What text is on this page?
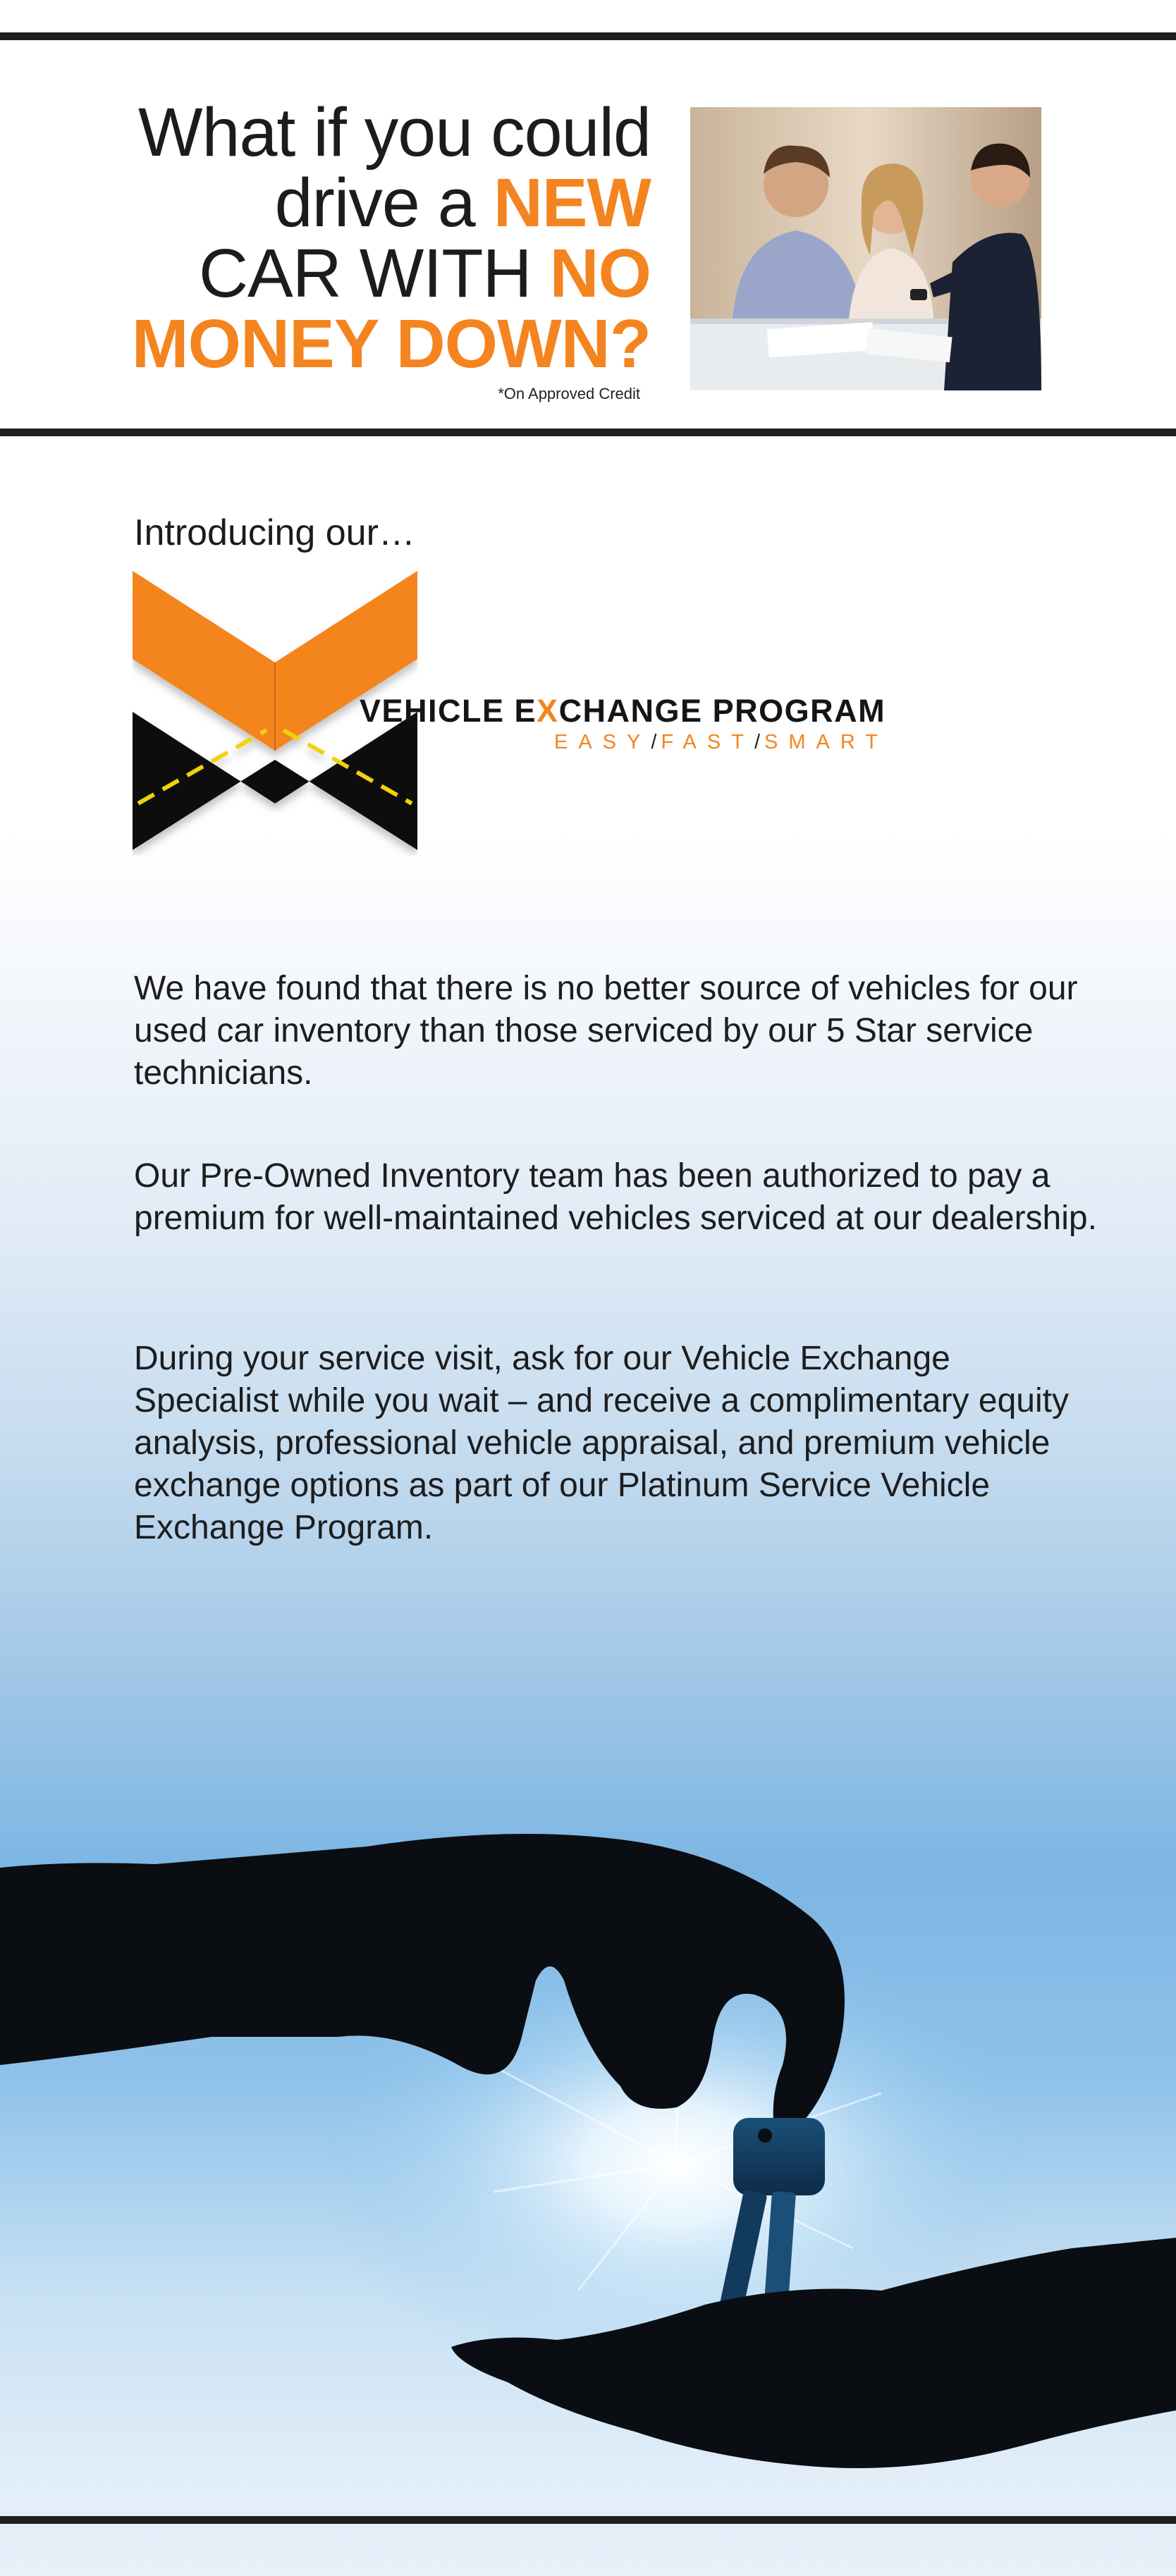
What if you could
drive a NEW
CAR WITH NO
MONEY DOWN?
*On Approved Credit
Introducing our…
VEHICLE EXCHANGE PROGRAM
EASY/FAST/SMART

We have found that there is no better source of vehicles for our used car inventory than those serviced by our 5 Star service technicians.

Our Pre-Owned Inventory team has been authorized to pay a premium for well-maintained vehicles serviced at our dealership.

During your service visit, ask for our Vehicle Exchange Specialist while you wait – and receive a complimentary equity analysis, professional vehicle appraisal, and premium vehicle exchange options as part of our Platinum Service Vehicle Exchange Program.
